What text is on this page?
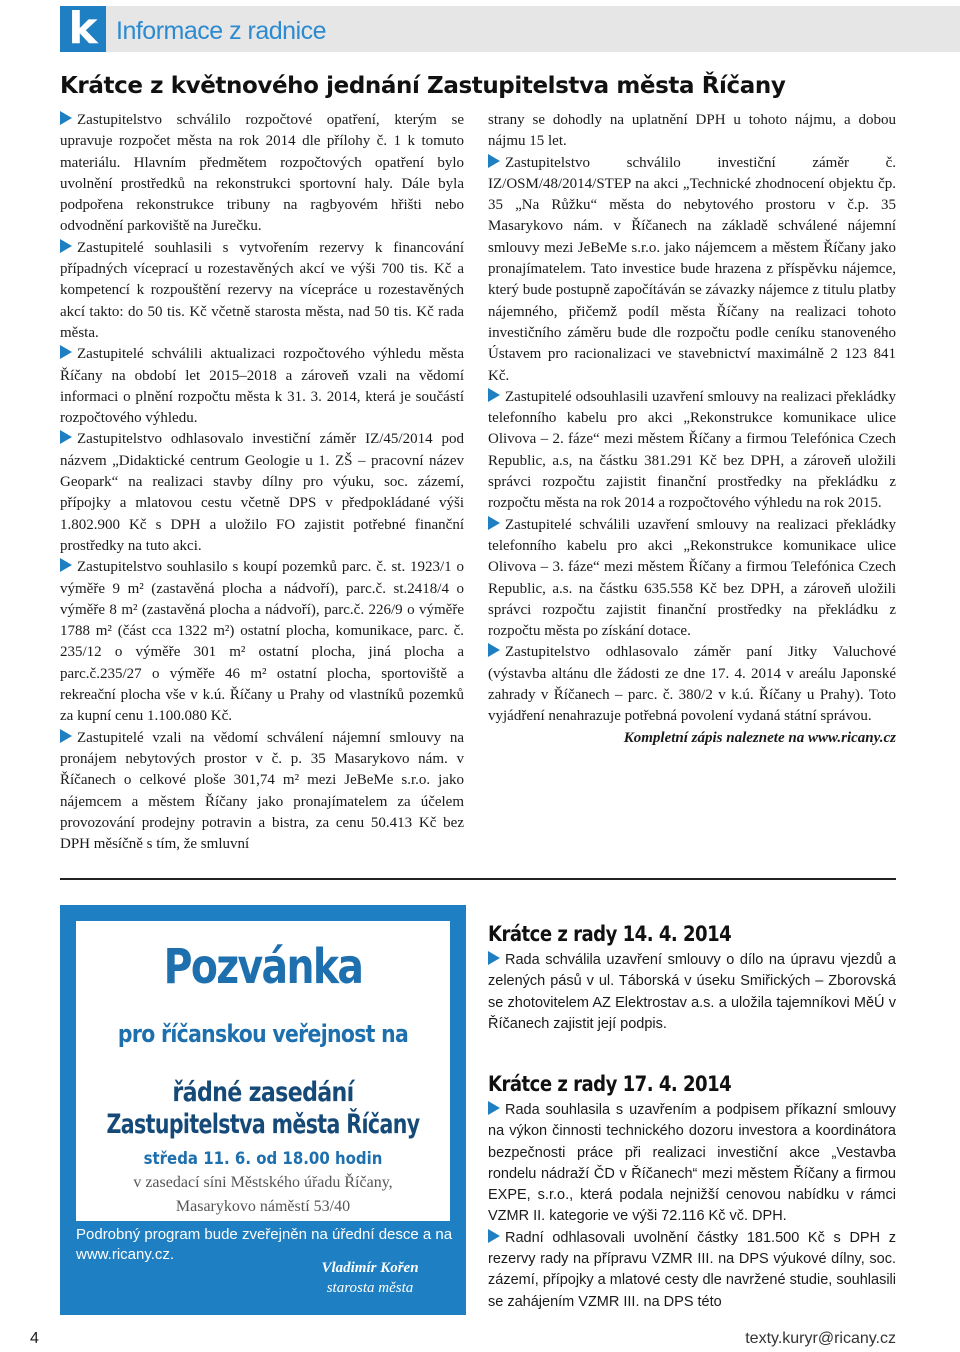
k Informace z radnice
Krátce z květnového jednání Zastupitelstva města Říčany

Zastupitelstvo schválilo rozpočtové opatření, kterým se upravuje rozpočet města na rok 2014 dle přílohy č. 1 k tomuto materiálu. Hlavním předmětem rozpočtových opatření bylo uvolnění prostředků na rekonstrukci sportovní haly. Dále byla podpořena rekonstrukce tribuny na ragbyovém hřišti nebo odvodnění parkoviště na Jurečku.

Zastupitelé souhlasili s vytvořením rezervy k financování případných víceprací u rozestavěných akcí ve výši 700 tis. Kč a kompetencí k rozpouštění rezervy na vícepráce u rozestavěných akcí takto: do 50 tis. Kč včetně starosta města, nad 50 tis. Kč rada města.

Zastupitelé schválili aktualizaci rozpočtového výhledu města Říčany na období let 2015–2018 a zároveň vzali na vědomí informaci o plnění rozpočtu města k 31. 3. 2014, která je součástí rozpočtového výhledu.

Zastupitelstvo odhlasovalo investiční záměr IZ/45/2014 pod názvem „Didaktické centrum Geologie u 1. ZŠ – pracovní název Geopark“ na realizaci stavby dílny pro výuku, soc. zázemí, přípojky a mlatovou cestu včetně DPS v předpokládané výši 1.802.900 Kč s DPH a uložilo FO zajistit potřebné finanční prostředky na tuto akci.

Zastupitelstvo souhlasilo s koupí pozemků parc. č. st. 1923/1 o výměře 9 m² (zastavěná plocha a nádvoří), parc.č. st.2418/4 o výměře 8 m² (zastavěná plocha a nádvoří), parc.č. 226/9 o výměře 1788 m² (část cca 1322 m²) ostatní plocha, komunikace, parc. č. 235/12 o výměře 301 m² ostatní plocha, jiná plocha a parc.č.235/27 o výměře 46 m² ostatní plocha, sportoviště a rekreační plocha vše v k.ú. Říčany u Prahy od vlastníků pozemků za kupní cenu 1.100.080 Kč.

Zastupitelé vzali na vědomí schválení nájemní smlouvy na pronájem nebytových prostor v č. p. 35 Masarykovo nám. v Říčanech o celkové ploše 301,74 m² mezi JeBeMe s.r.o. jako nájemcem a městem Říčany jako pronajímatelem za účelem provozování prodejny potravin a bistra, za cenu 50.413 Kč bez DPH měsíčně s tím, že smluvní

strany se dohodly na uplatnění DPH u tohoto nájmu, a dobou nájmu 15 let.

Zastupitelstvo schválilo investiční záměr č. IZ/OSM/48/2014/STEP na akci „Technické zhodnocení objektu čp. 35 „Na Růžku“ města do nebytového prostoru v č.p. 35 Masarykovo nám. v Říčanech na základě schválené nájemní smlouvy mezi JeBeMe s.r.o. jako nájemcem a městem Říčany jako pronajímatelem. Tato investice bude hrazena z příspěvku nájemce, který bude postupně započítáván se závazky nájemce z titulu platby nájemného, přičemž podíl města Říčany na realizaci tohoto investičního záměru bude dle rozpočtu podle ceníku stanoveného Ústavem pro racionalizaci ve stavebnictví maximálně 2 123 841 Kč.

Zastupitelé odsouhlasili uzavření smlouvy na realizaci překládky telefonního kabelu pro akci „Rekonstrukce komunikace ulice Olivova – 2. fáze“ mezi městem Říčany a firmou Telefónica Czech Republic, a.s, na částku 381.291 Kč bez DPH, a zároveň uložili správci rozpočtu zajistit finanční prostředky na překládku z rozpočtu města na rok 2014 a rozpočtového výhledu na rok 2015.

Zastupitelé schválili uzavření smlouvy na realizaci překládky telefonního kabelu pro akci „Rekonstrukce komunikace ulice Olivova – 3. fáze“ mezi městem Říčany a firmou Telefónica Czech Republic, a.s. na částku 635.558 Kč bez DPH, a zároveň uložili správci rozpočtu zajistit finanční prostředky na překládku z rozpočtu města po získání dotace.

Zastupitelstvo odhlasovalo záměr paní Jitky Valuchové (výstavba altánu dle žádosti ze dne 17. 4. 2014 v areálu Japonské zahrady v Říčanech – parc. č. 380/2 v k.ú. Říčany u Prahy). Toto vyjádření nenahrazuje potřebná povolení vydaná státní správou.

Kompletní zápis naleznete na www.ricany.cz

Pozvánka
pro říčanskou veřejnost na
řádné zasedání
Zastupitelstva města Říčany
středa 11. 6. od 18.00 hodin
v zasedací síni Městského úřadu Říčany,
Masarykovo náměstí 53/40
Podrobný program bude zveřejněn na úřední desce a na www.ricany.cz.
Vladimír Kořen
starosta města
Krátce z rady 14. 4. 2014

Rada schválila uzavření smlouvy o dílo na úpravu vjezdů a zelených pásů v ul. Táborská v úseku Smiřických – Zborovská se zhotovitelem AZ Elektrostav a.s. a uložila tajemníkovi MěÚ v Říčanech zajistit její podpis.

Krátce z rady 17. 4. 2014

Rada souhlasila s uzavřením a podpisem příkazní smlouvy na výkon činnosti technického dozoru investora a koordinátora bezpečnosti práce při realizaci investiční akce „Vestavba rondelu nádraží ČD v Říčanech“ mezi městem Říčany a firmou EXPE, s.r.o., která podala nejnižší cenovou nabídku v rámci VZMR II. kategorie ve výši 72.116 Kč vč. DPH.

Radní odhlasovali uvolnění částky 181.500 Kč s DPH z rezervy rady na přípravu VZMR III. na DPS výukové dílny, soc. zázemí, přípojky a mlatové cesty dle navržené studie, souhlasili se zahájením VZMR III. na DPS této

4	texty.kuryr@ricany.cz
